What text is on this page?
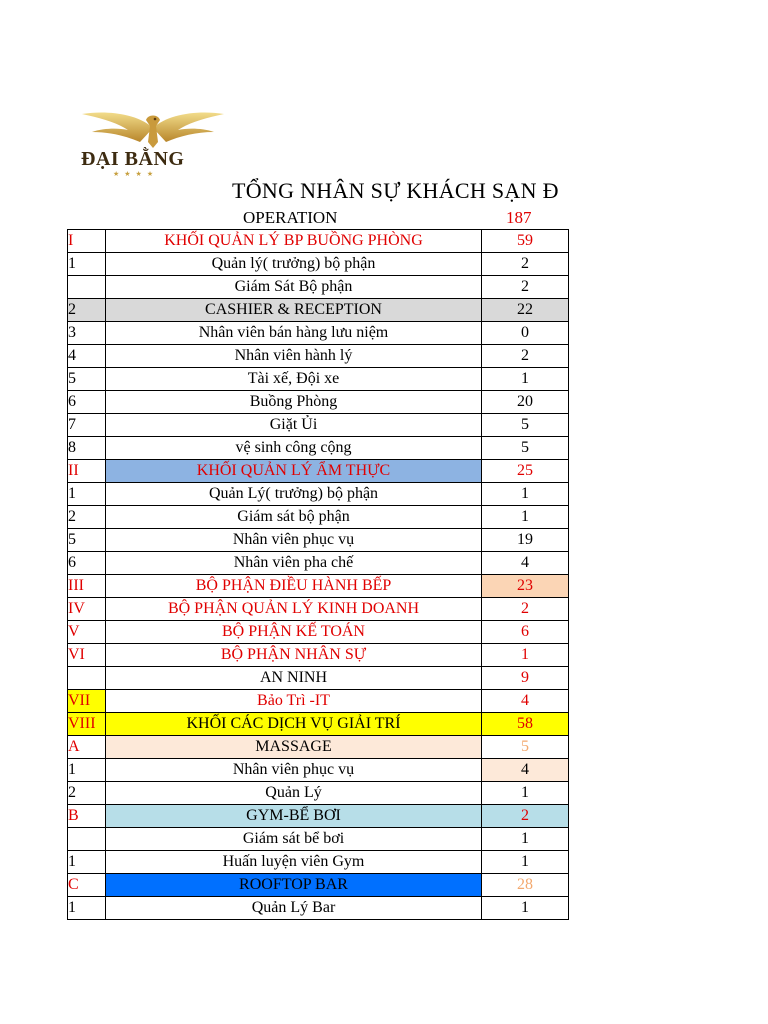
ĐẠI BẰNG
★★★★
TỔNG NHÂN SỰ KHÁCH SẠN Đ
OPERATION	187
I	KHỐI QUẢN LÝ BP BUỒNG PHÒNG	59
1	Quản lý( trưởng) bộ phận	2
	Giám Sát Bộ phận	2
2	CASHIER & RECEPTION	22
3	Nhân viên bán hàng lưu niệm	0
4	Nhân viên hành lý	2
5	Tài xế, Đội xe	1
6	Buồng Phòng	20
7	Giặt Ủi	5
8	vệ sinh công cộng	5
II	KHỐI QUẢN LÝ ẨM THỰC	25
1	Quản Lý( trưởng) bộ phận	1
2	Giám sát bộ phận	1
5	Nhân viên phục vụ	19
6	Nhân viên pha chế	4
III	BỘ PHẬN ĐIỀU HÀNH BẾP	23
IV	BỘ PHẬN QUẢN LÝ KINH DOANH	2
V	BỘ PHẬN KẾ TOÁN	6
VI	BỘ PHẬN NHÂN SỰ	1
	AN NINH	9
VII	Bảo Trì -IT	4
VIII	KHỐI CÁC DỊCH VỤ GIẢI TRÍ	58
A	MASSAGE	5
1	Nhân viên phục vụ	4
2	Quản Lý	1
B	GYM-BỂ BƠI	2
	Giám sát bể bơi	1
1	Huấn luyện viên Gym	1
C	ROOFTOP BAR	28
1	Quản Lý Bar	1
